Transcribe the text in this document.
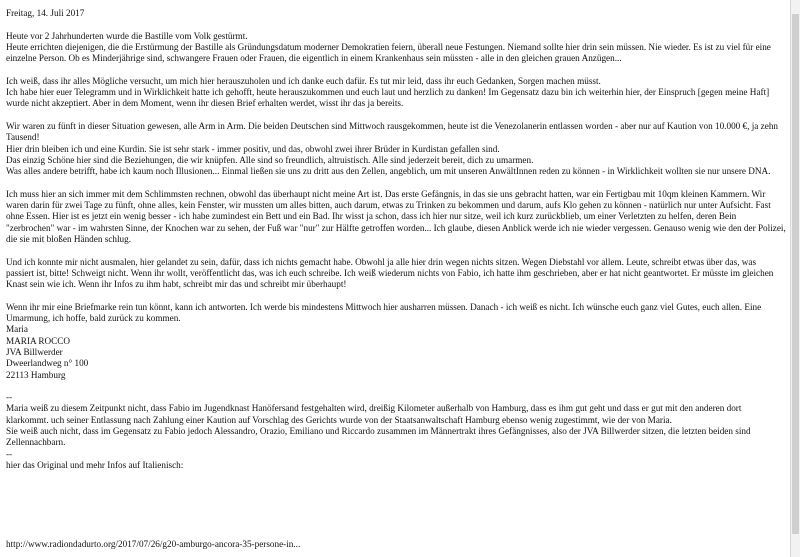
Freitag, 14. Juli 2017

Heute vor 2 Jahrhunderten wurde die Bastille vom Volk gestürmt.
Heute errichten diejenigen, die die Erstürmung der Bastille als Gründungsdatum moderner Demokratien feiern, überall neue Festungen. Niemand sollte hier drin sein müssen. Nie wieder. Es ist zu viel für eine einzelne Person. Ob es Minderjährige sind, schwangere Frauen oder Frauen, die eigentlich in einem Krankenhaus sein müssten - alle in den gleichen grauen Anzügen...

Ich weiß, dass ihr alles Mögliche versucht, um mich hier herauszuholen und ich danke euch dafür. Es tut mir leid, dass ihr euch Gedanken, Sorgen machen müsst.
Ich habe hier euer Telegramm und in Wirklichkeit hatte ich gehofft, heute herauszukommen und euch laut und herzlich zu danken! Im Gegensatz dazu bin ich weiterhin hier, der Einspruch [gegen meine Haft] wurde nicht akzeptiert. Aber in dem Moment, wenn ihr diesen Brief erhalten werdet, wisst ihr das ja bereits.

Wir waren zu fünft in dieser Situation gewesen, alle Arm in Arm. Die beiden Deutschen sind Mittwoch rausgekommen, heute ist die Venezolanerin entlassen worden - aber nur auf Kaution von 10.000 €, ja zehn Tausend!
Hier drin bleiben ich und eine Kurdin. Sie ist sehr stark - immer positiv, und das, obwohl zwei ihrer Brüder in Kurdistan gefallen sind.
Das einzig Schöne hier sind die Beziehungen, die wir knüpfen. Alle sind so freundlich, altruistisch. Alle sind jederzeit bereit, dich zu umarmen.
Was alles andere betrifft, habe ich kaum noch Illusionen... Einmal ließen sie uns zu dritt aus den Zellen, angeblich, um mit unseren AnwältInnen reden zu können - in Wirklichkeit wollten sie nur unsere DNA.

Ich muss hier an sich immer mit dem Schlimmsten rechnen, obwohl das überhaupt nicht meine Art ist. Das erste Gefängnis, in das sie uns gebracht hatten, war ein Fertigbau mit 10qm kleinen Kammern. Wir waren darin für zwei Tage zu fünft, ohne alles, kein Fenster, wir mussten um alles bitten, auch darum, etwas zu Trinken zu bekommen und darum, aufs Klo gehen zu können - natürlich nur unter Aufsicht. Fast ohne Essen. Hier ist es jetzt ein wenig besser - ich habe zumindest ein Bett und ein Bad. Ihr wisst ja schon, dass ich hier nur sitze, weil ich kurz zurückblieb, um einer Verletzten zu helfen, deren Bein "zerbrochen" war - im wahrsten Sinne, der Knochen war zu sehen, der Fuß war "nur" zur Hälfte getroffen worden... Ich glaube, diesen Anblick werde ich nie wieder vergessen. Genauso wenig wie den der Polizei, die sie mit bloßen Händen schlug.

Und ich konnte mir nicht ausmalen, hier gelandet zu sein, dafür, dass ich nichts gemacht habe. Obwohl ja alle hier drin wegen nichts sitzen. Wegen Diebstahl vor allem. Leute, schreibt etwas über das, was passiert ist, bitte! Schweigt nicht. Wenn ihr wollt, veröffentlicht das, was ich euch schreibe. Ich weiß wiederum nichts von Fabio, ich hatte ihm geschrieben, aber er hat nicht geantwortet. Er müsste im gleichen Knast sein wie ich. Wenn ihr Infos zu ihm habt, schreibt mir das und schreibt mir überhaupt!

Wenn ihr mir eine Briefmarke rein tun könnt, kann ich antworten. Ich werde bis mindestens Mittwoch hier ausharren müssen. Danach - ich weiß es nicht. Ich wünsche euch ganz viel Gutes, euch allen. Eine Umarmung, ich hoffe, bald zurück zu kommen.

Maria
MARIA ROCCO
JVA Billwerder
Dweerlandweg n° 100
22113 Hamburg
--

Maria weiß zu diesem Zeitpunkt nicht, dass Fabio im Jugendknast Hanöfersand festgehalten wird, dreißig Kilometer außerhalb von Hamburg, dass es ihm gut geht und dass er gut mit den anderen dort klarkommt. uch seiner Entlassung nach Zahlung einer Kaution auf Vorschlag des Gerichts wurde von der Staatsanwaltschaft Hamburg ebenso wenig zugestimmt, wie der von Maria.
Sie weiß auch nicht, dass im Gegensatz zu Fabio jedoch Alessandro, Orazio, Emiliano und Riccardo zusammen im Männertrakt ihres Gefängnisses, also der JVA Billwerder sitzen, die letzten beiden sind Zellennachbarn.

--
hier das Original und mehr Infos auf Italienisch:
http://www.radiondadurto.org/2017/07/26/g20-amburgo-ancora-35-persone-in...
